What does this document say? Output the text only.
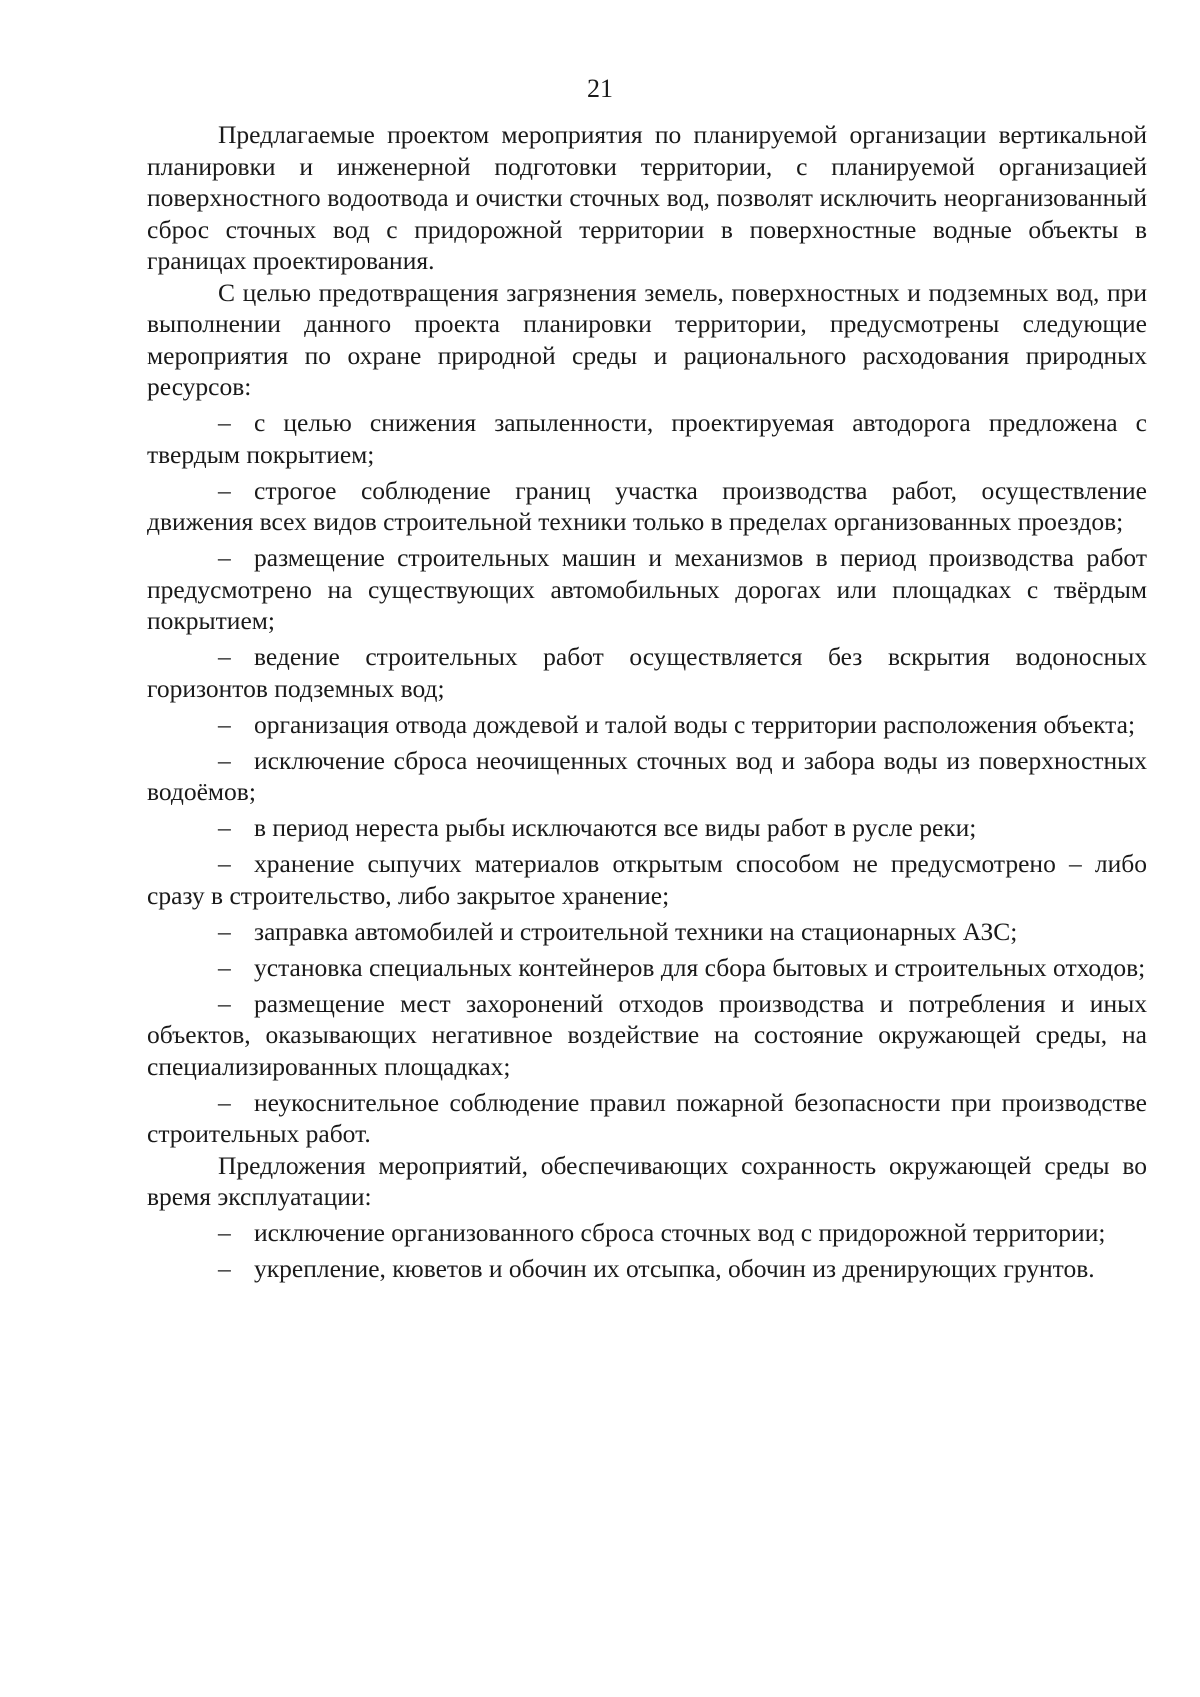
21

Предлагаемые проектом мероприятия по планируемой организации вертикальной планировки и инженерной подготовки территории, с планируемой организацией поверхностного водоотвода и очистки сточных вод, позволят исключить неорганизованный сброс сточных вод с придорожной территории в поверхностные водные объекты в границах проектирования.

С целью предотвращения загрязнения земель, поверхностных и подземных вод, при выполнении данного проекта планировки территории, предусмотрены следующие мероприятия по охране природной среды и рационального расходования природных ресурсов:

– с целью снижения запыленности, проектируемая автодорога предложена с твердым покрытием;

– строгое соблюдение границ участка производства работ, осуществление движения всех видов строительной техники только в пределах организованных проездов;

– размещение строительных машин и механизмов в период производства работ предусмотрено на существующих автомобильных дорогах или площадках с твёрдым покрытием;

– ведение строительных работ осуществляется без вскрытия водоносных горизонтов подземных вод;

– организация отвода дождевой и талой воды с территории расположения объекта;

– исключение сброса неочищенных сточных вод и забора воды из поверхностных водоёмов;

– в период нереста рыбы исключаются все виды работ в русле реки;

– хранение сыпучих материалов открытым способом не предусмотрено – либо сразу в строительство, либо закрытое хранение;

– заправка автомобилей и строительной техники на стационарных АЗС;

– установка специальных контейнеров для сбора бытовых и строительных отходов;

– размещение мест захоронений отходов производства и потребления и иных объектов, оказывающих негативное воздействие на состояние окружающей среды, на специализированных площадках;

– неукоснительное соблюдение правил пожарной безопасности при производстве строительных работ.

Предложения мероприятий, обеспечивающих сохранность окружающей среды во время эксплуатации:

– исключение организованного сброса сточных вод с придорожной территории;

– укрепление, кюветов и обочин их отсыпка, обочин из дренирующих грунтов.
